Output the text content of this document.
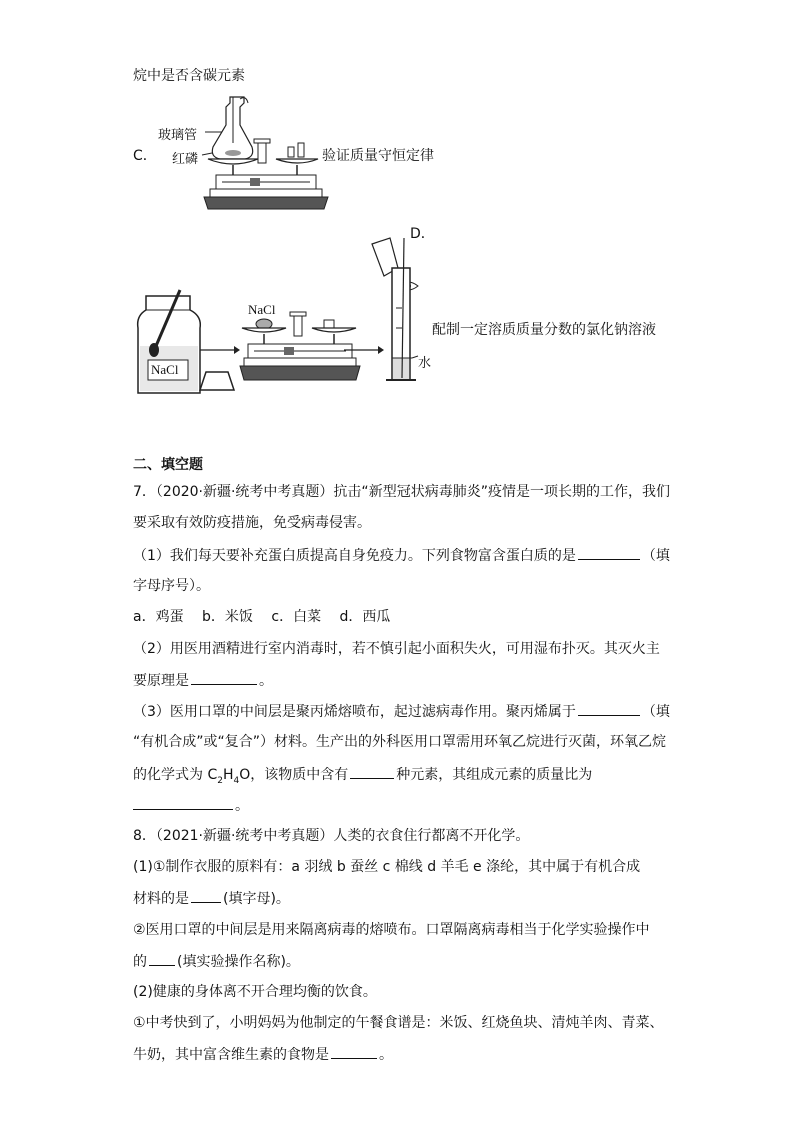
烷中是否含碳元素
C．
玻璃管
红磷	验证质量守恒定律
D．
NaCl
NaCl
水
配制一定溶质质量分数的氯化钠溶液
二、填空题
7．（2020·新疆·统考中考真题）抗击“新型冠状病毒肺炎”疫情是一项长期的工作，我们
要采取有效防疫措施，免受病毒侵害。
（1）我们每天要补充蛋白质提高自身免疫力。下列食物富含蛋白质的是	（填
字母序号）。
a．鸡蛋　 b．米饭　 c．白菜　 d．西瓜
（2）用医用酒精进行室内消毒时，若不慎引起小面积失火，可用湿布扑灭。其灭火主
要原理是	。
（3）医用口罩的中间层是聚丙烯熔喷布，起过滤病毒作用。聚丙烯属于	（填
“有机合成”或“复合”）材料。生产出的外科医用口罩需用环氧乙烷进行灭菌，环氧乙烷
的化学式为 $C_2H_4O$，该物质中含有	种元素，其组成元素的质量比为
。
8．（2021·新疆·统考中考真题）人类的衣食住行都离不开化学。
(1)①制作衣服的原料有：a 羽绒 b 蚕丝 c 棉线 d 羊毛 e 涤纶，其中属于有机合成
材料的是 (填字母)。
②医用口罩的中间层是用来隔离病毒的熔喷布。口罩隔离病毒相当于化学实验操作中
的 (填实验操作名称)。
(2)健康的身体离不开合理均衡的饮食。
①中考快到了，小明妈妈为他制定的午餐食谱是：米饭、红烧鱼块、清炖羊肉、青菜、
牛奶，其中富含维生素的食物是	。
